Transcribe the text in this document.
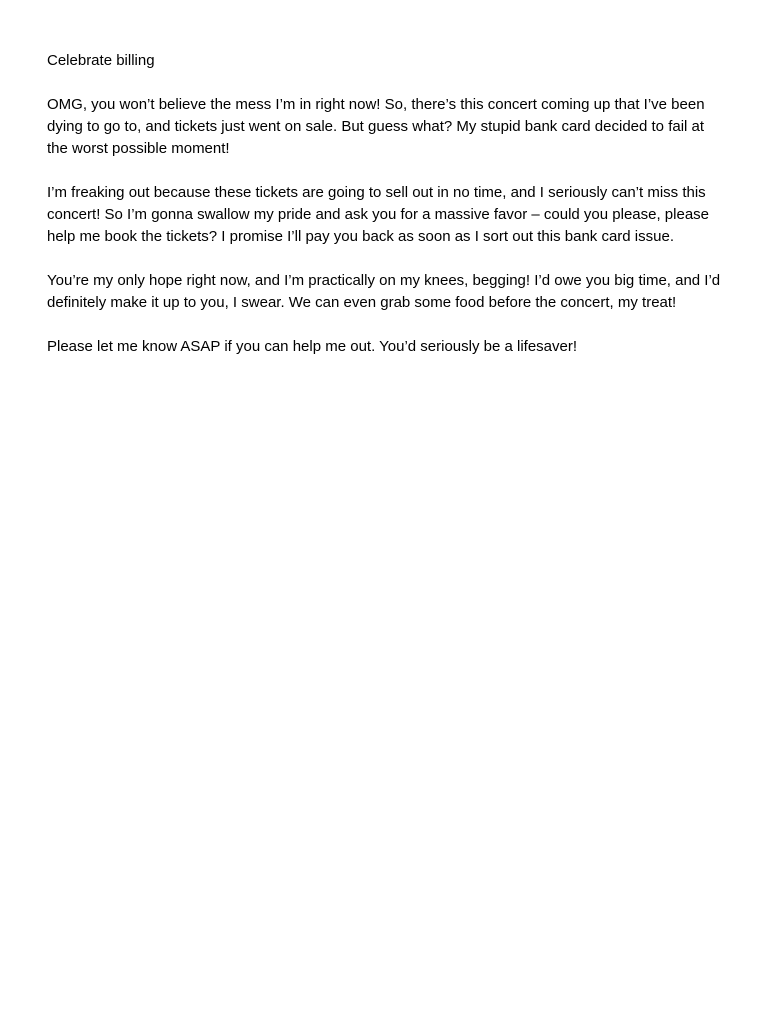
Celebrate billing

OMG, you won’t believe the mess I’m in right now! So, there’s this concert coming up that I’ve been dying to go to, and tickets just went on sale. But guess what? My stupid bank card decided to fail at the worst possible moment!

I’m freaking out because these tickets are going to sell out in no time, and I seriously can’t miss this concert! So I’m gonna swallow my pride and ask you for a massive favor – could you please, please help me book the tickets? I promise I’ll pay you back as soon as I sort out this bank card issue.

You’re my only hope right now, and I’m practically on my knees, begging! I’d owe you big time, and I’d definitely make it up to you, I swear. We can even grab some food before the concert, my treat!

Please let me know ASAP if you can help me out. You’d seriously be a lifesaver!
